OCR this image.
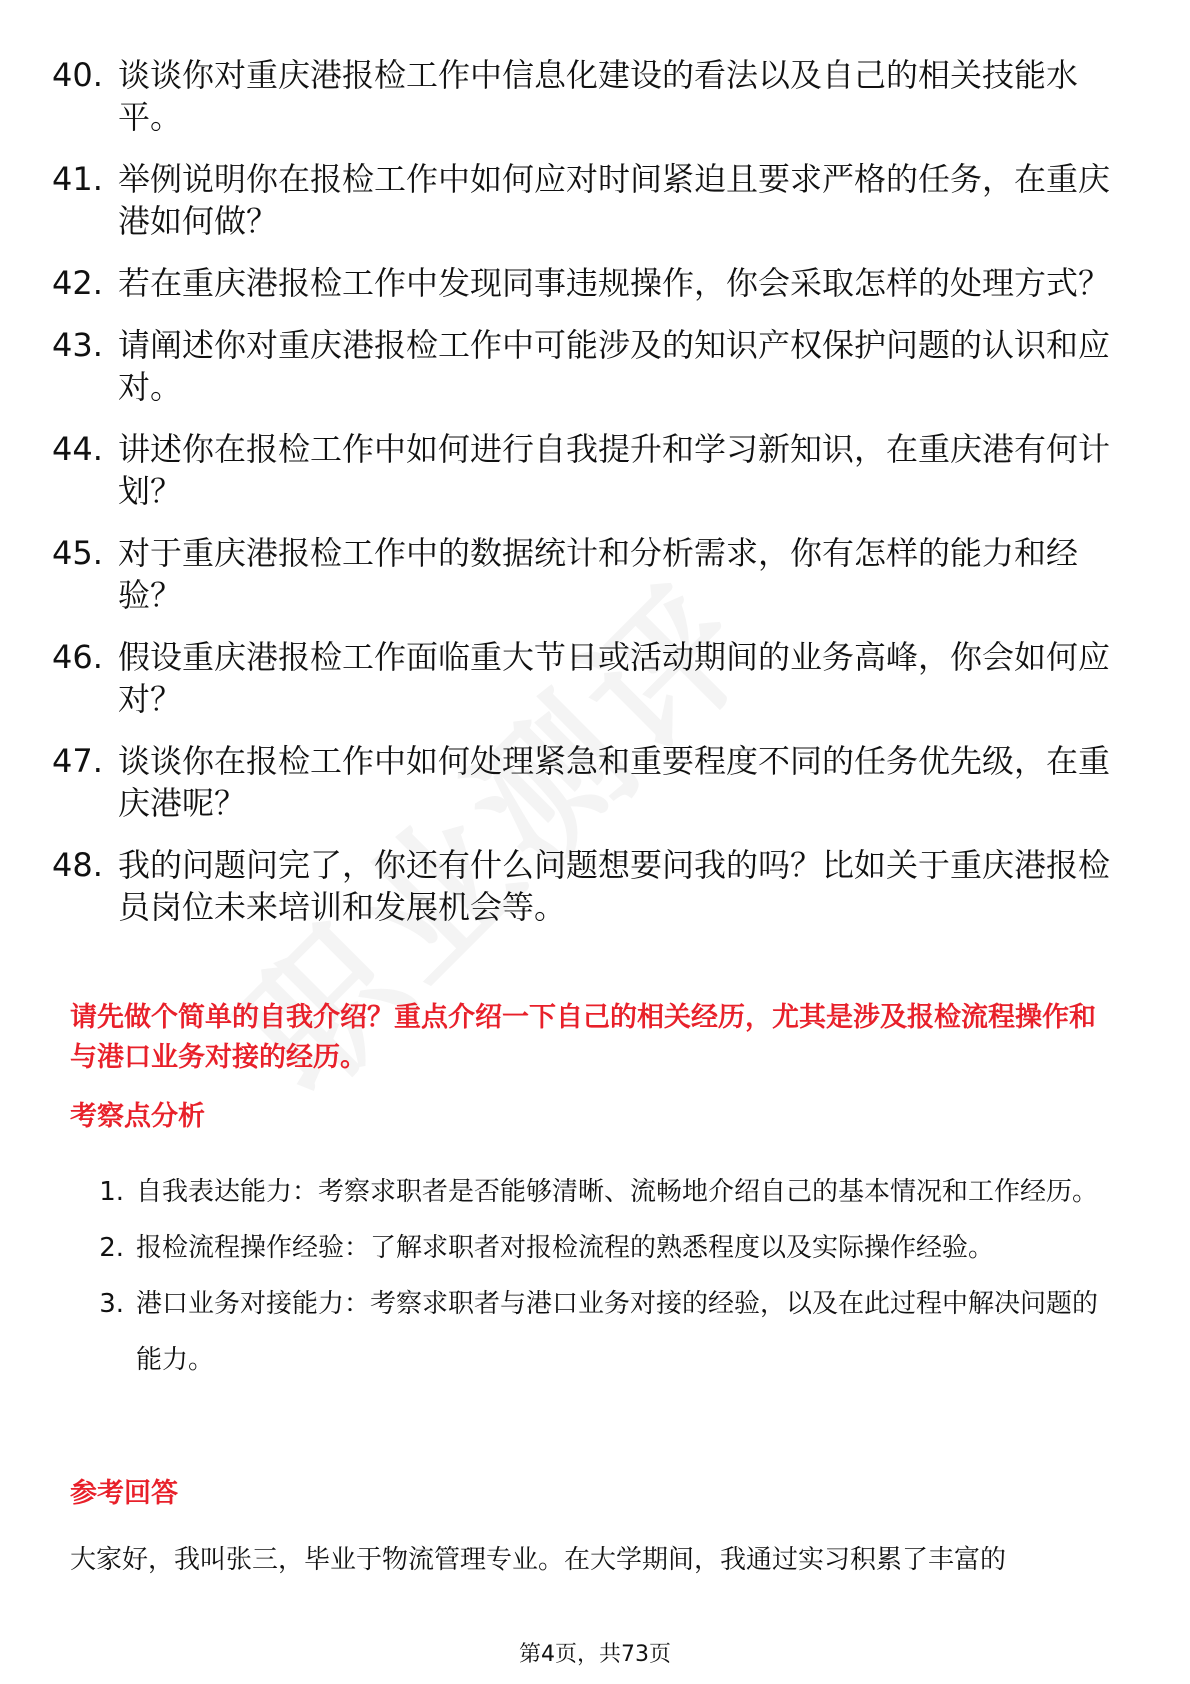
40. 谈谈你对重庆港报检工作中信息化建设的看法以及自己的相关技能水平。
41. 举例说明你在报检工作中如何应对时间紧迫且要求严格的任务，在重庆港如何做？
42. 若在重庆港报检工作中发现同事违规操作，你会采取怎样的处理方式？
43. 请阐述你对重庆港报检工作中可能涉及的知识产权保护问题的认识和应对。
44. 讲述你在报检工作中如何进行自我提升和学习新知识，在重庆港有何计划？
45. 对于重庆港报检工作中的数据统计和分析需求，你有怎样的能力和经验？
46. 假设重庆港报检工作面临重大节日或活动期间的业务高峰，你会如何应对？
47. 谈谈你在报检工作中如何处理紧急和重要程度不同的任务优先级，在重庆港呢？
48. 我的问题问完了，你还有什么问题想要问我的吗？比如关于重庆港报检员岗位未来培训和发展机会等。
请先做个简单的自我介绍？重点介绍一下自己的相关经历，尤其是涉及报检流程操作和与港口业务对接的经历。
考察点分析
1. 自我表达能力：考察求职者是否能够清晰、流畅地介绍自己的基本情况和工作经历。
2. 报检流程操作经验：了解求职者对报检流程的熟悉程度以及实际操作经验。
3. 港口业务对接能力：考察求职者与港口业务对接的经验，以及在此过程中解决问题的能力。
参考回答
大家好，我叫张三，毕业于物流管理专业。在大学期间，我通过实习积累了丰富的
第4页，共73页
